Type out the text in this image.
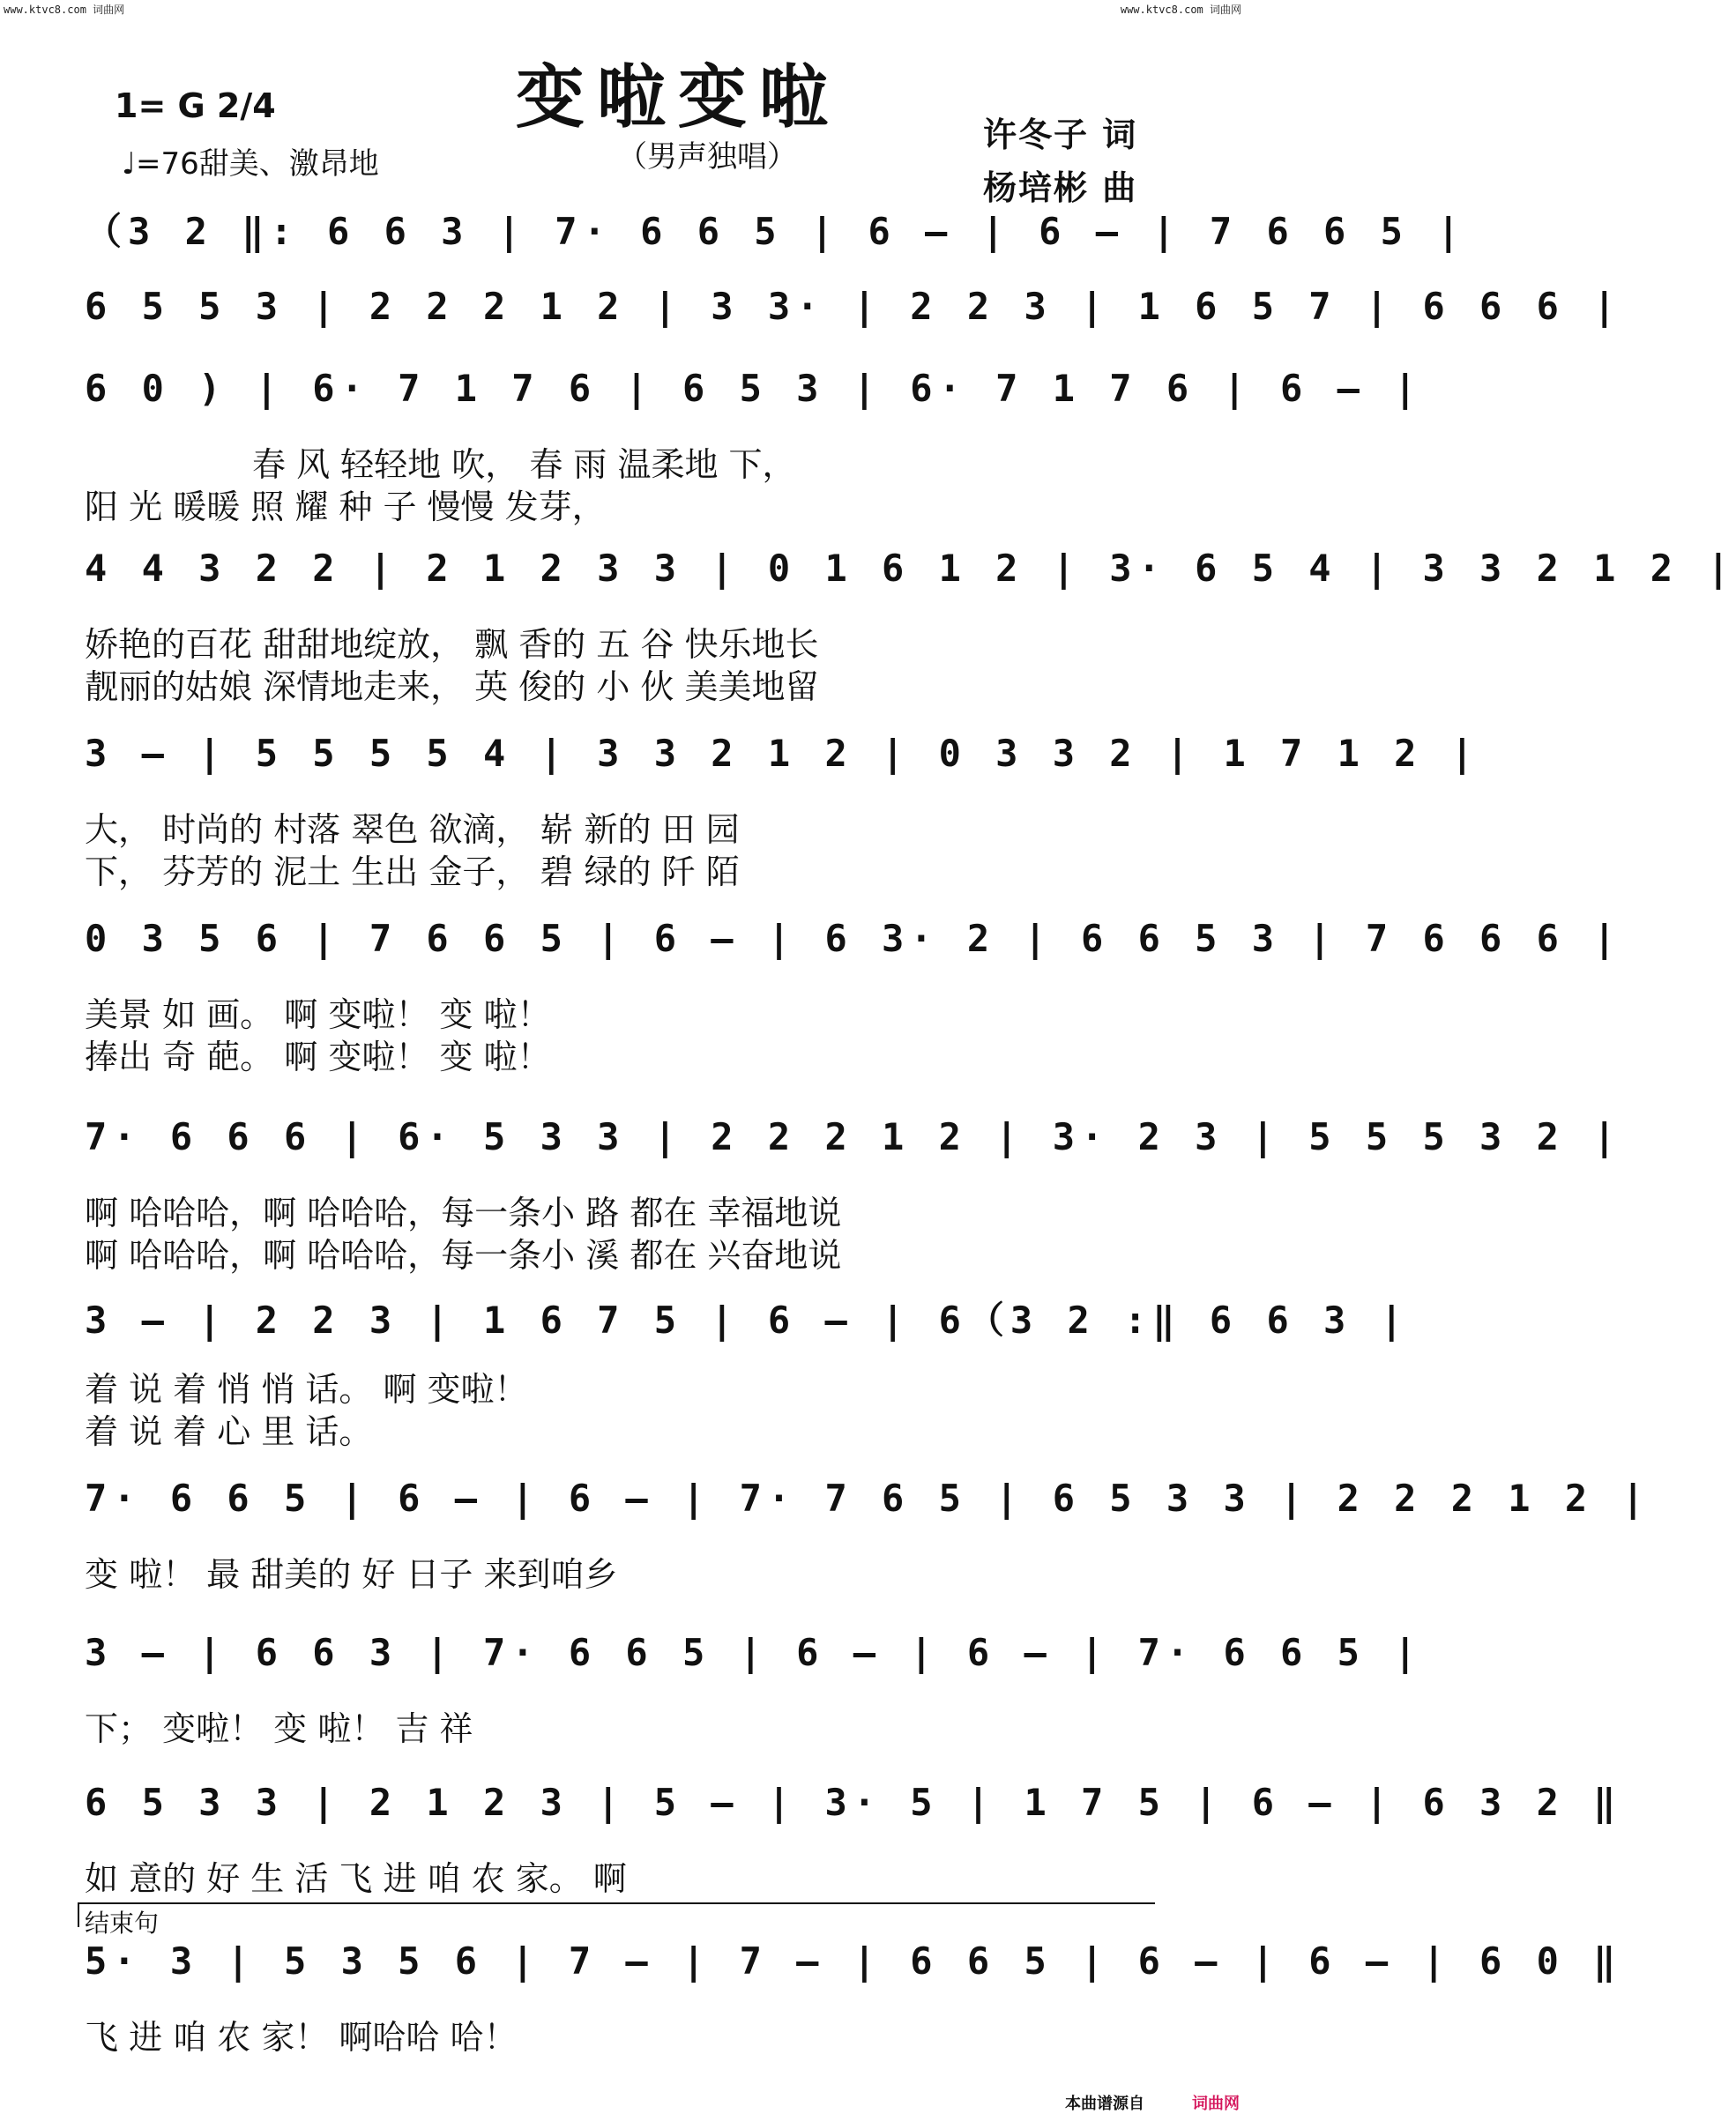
www.ktvc8.com 词曲网	www.ktvc8.com 词曲网
变啦变啦
（男声独唱）
1= G 2/4
♩=76甜美、激昂地
许冬子 词
杨培彬 曲
（3 2 ‖: 6 6 3 | 7· 6 6 5 | 6 – | 6 – | 7 6 6 5 |
6 5 5 3 | 2 2 2 1 2 | 3 3· | 2 2 3 | 1 6 5 7 | 6 6 6 |
6 0 ) | 6· 7 1 7 6 | 6 5 3 | 6· 7 1 7 6 | 6 – |
春 风 轻轻地 吹， 春 雨 温柔地 下，
阳 光 暖暖 照 耀 种 子 慢慢 发芽，
4 4 3 2 2 | 2 1 2 3 3 | 0 1 6 1 2 | 3· 6 5 4 | 3 3 2 1 2 |
娇艳的百花 甜甜地绽放， 飘 香的 五 谷 快乐地长
靓丽的姑娘 深情地走来， 英 俊的 小 伙 美美地留
3 – | 5 5 5 5 4 | 3 3 2 1 2 | 0 3 3 2 | 1 7 1 2 |
大， 时尚的 村落 翠色 欲滴， 崭 新的 田 园
下， 芬芳的 泥土 生出 金子， 碧 绿的 阡 陌
0 3 5 6 | 7 6 6 5 | 6 – | 6 3· 2 | 6 6 5 3 | 7 6 6 6 |
美景 如 画。 啊 变啦！ 变 啦！
捧出 奇 葩。 啊 变啦！ 变 啦！
7· 6 6 6 | 6· 5 3 3 | 2 2 2 1 2 | 3· 2 3 | 5 5 5 3 2 |
啊 哈哈哈，啊 哈哈哈，每一条小 路 都在 幸福地说
啊 哈哈哈，啊 哈哈哈，每一条小 溪 都在 兴奋地说
3 – | 2 2 3 | 1 6 7 5 | 6 – | 6（3 2 :‖ 6 6 3 |
着 说 着 悄 悄 话。 啊 变啦！
着 说 着 心 里 话。
7· 6 6 5 | 6 – | 6 – | 7· 7 6 5 | 6 5 3 3 | 2 2 2 1 2 |
变 啦！ 最 甜美的 好 日子 来到咱乡
3 – | 6 6 3 | 7· 6 6 5 | 6 – | 6 – | 7· 6 6 5 |
下； 变啦！ 变 啦！ 吉 祥
6 5 3 3 | 2 1 2 3 | 5 – | 3· 5 | 1 7 5 | 6 – | 6 3 2 ‖
如 意的 好 生 活 飞 进 咱 农 家。 啊
5· 3 | 5 3 5 6 | 7 – | 7 – | 6 6 5 | 6 – | 6 – | 6 0 ‖
飞 进 咱 农 家！ 啊哈哈 哈！
结束句
本曲谱源自	词曲网
